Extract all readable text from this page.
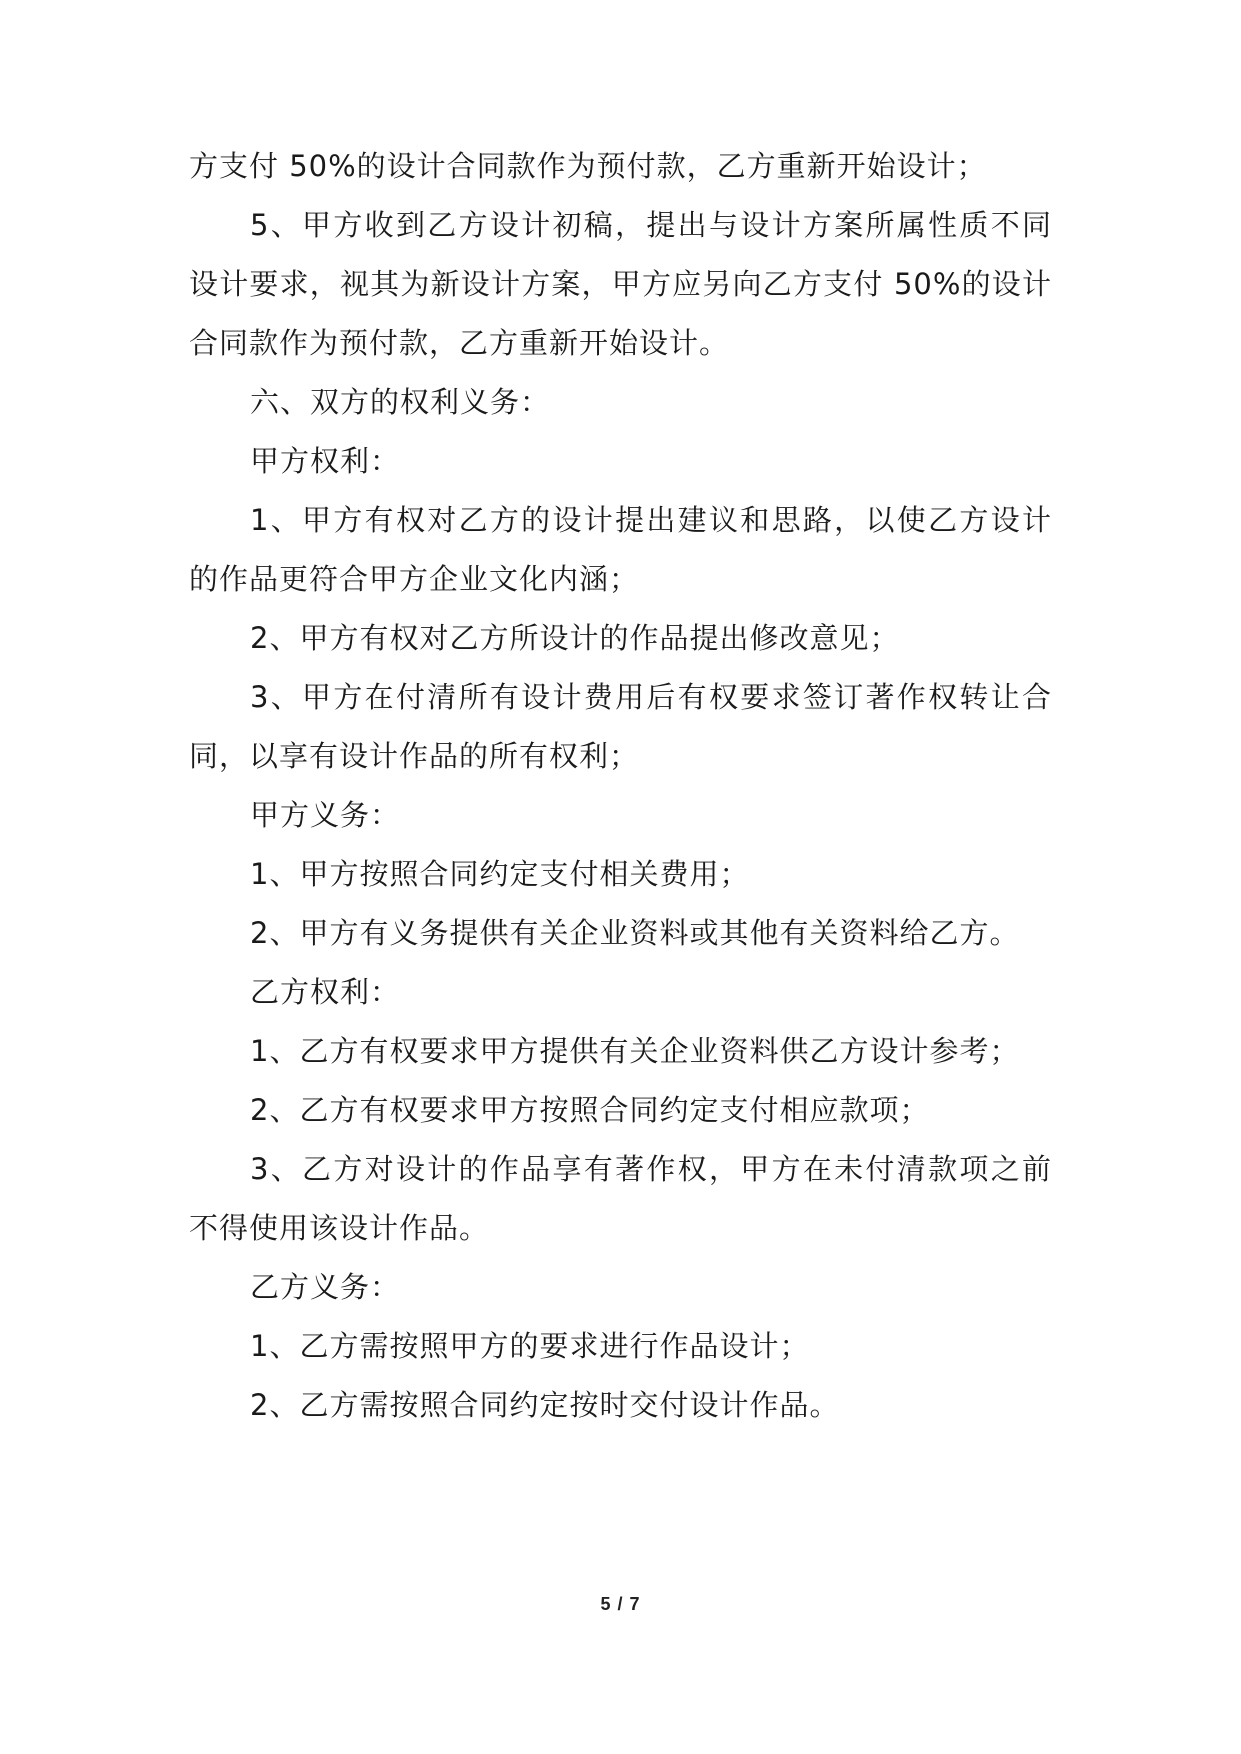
方支付 50%的设计合同款作为预付款，乙方重新开始设计；
5、甲方收到乙方设计初稿，提出与设计方案所属性质不同
设计要求，视其为新设计方案，甲方应另向乙方支付 50%的设计
合同款作为预付款，乙方重新开始设计。
六、双方的权利义务：
甲方权利：
1、甲方有权对乙方的设计提出建议和思路，以使乙方设计
的作品更符合甲方企业文化内涵；
2、甲方有权对乙方所设计的作品提出修改意见；
3、甲方在付清所有设计费用后有权要求签订著作权转让合
同，以享有设计作品的所有权利；
甲方义务：
1、甲方按照合同约定支付相关费用；
2、甲方有义务提供有关企业资料或其他有关资料给乙方。
乙方权利：
1、乙方有权要求甲方提供有关企业资料供乙方设计参考；
2、乙方有权要求甲方按照合同约定支付相应款项；
3、乙方对设计的作品享有著作权，甲方在未付清款项之前
不得使用该设计作品。
乙方义务：
1、乙方需按照甲方的要求进行作品设计；
2、乙方需按照合同约定按时交付设计作品。
5 / 7
